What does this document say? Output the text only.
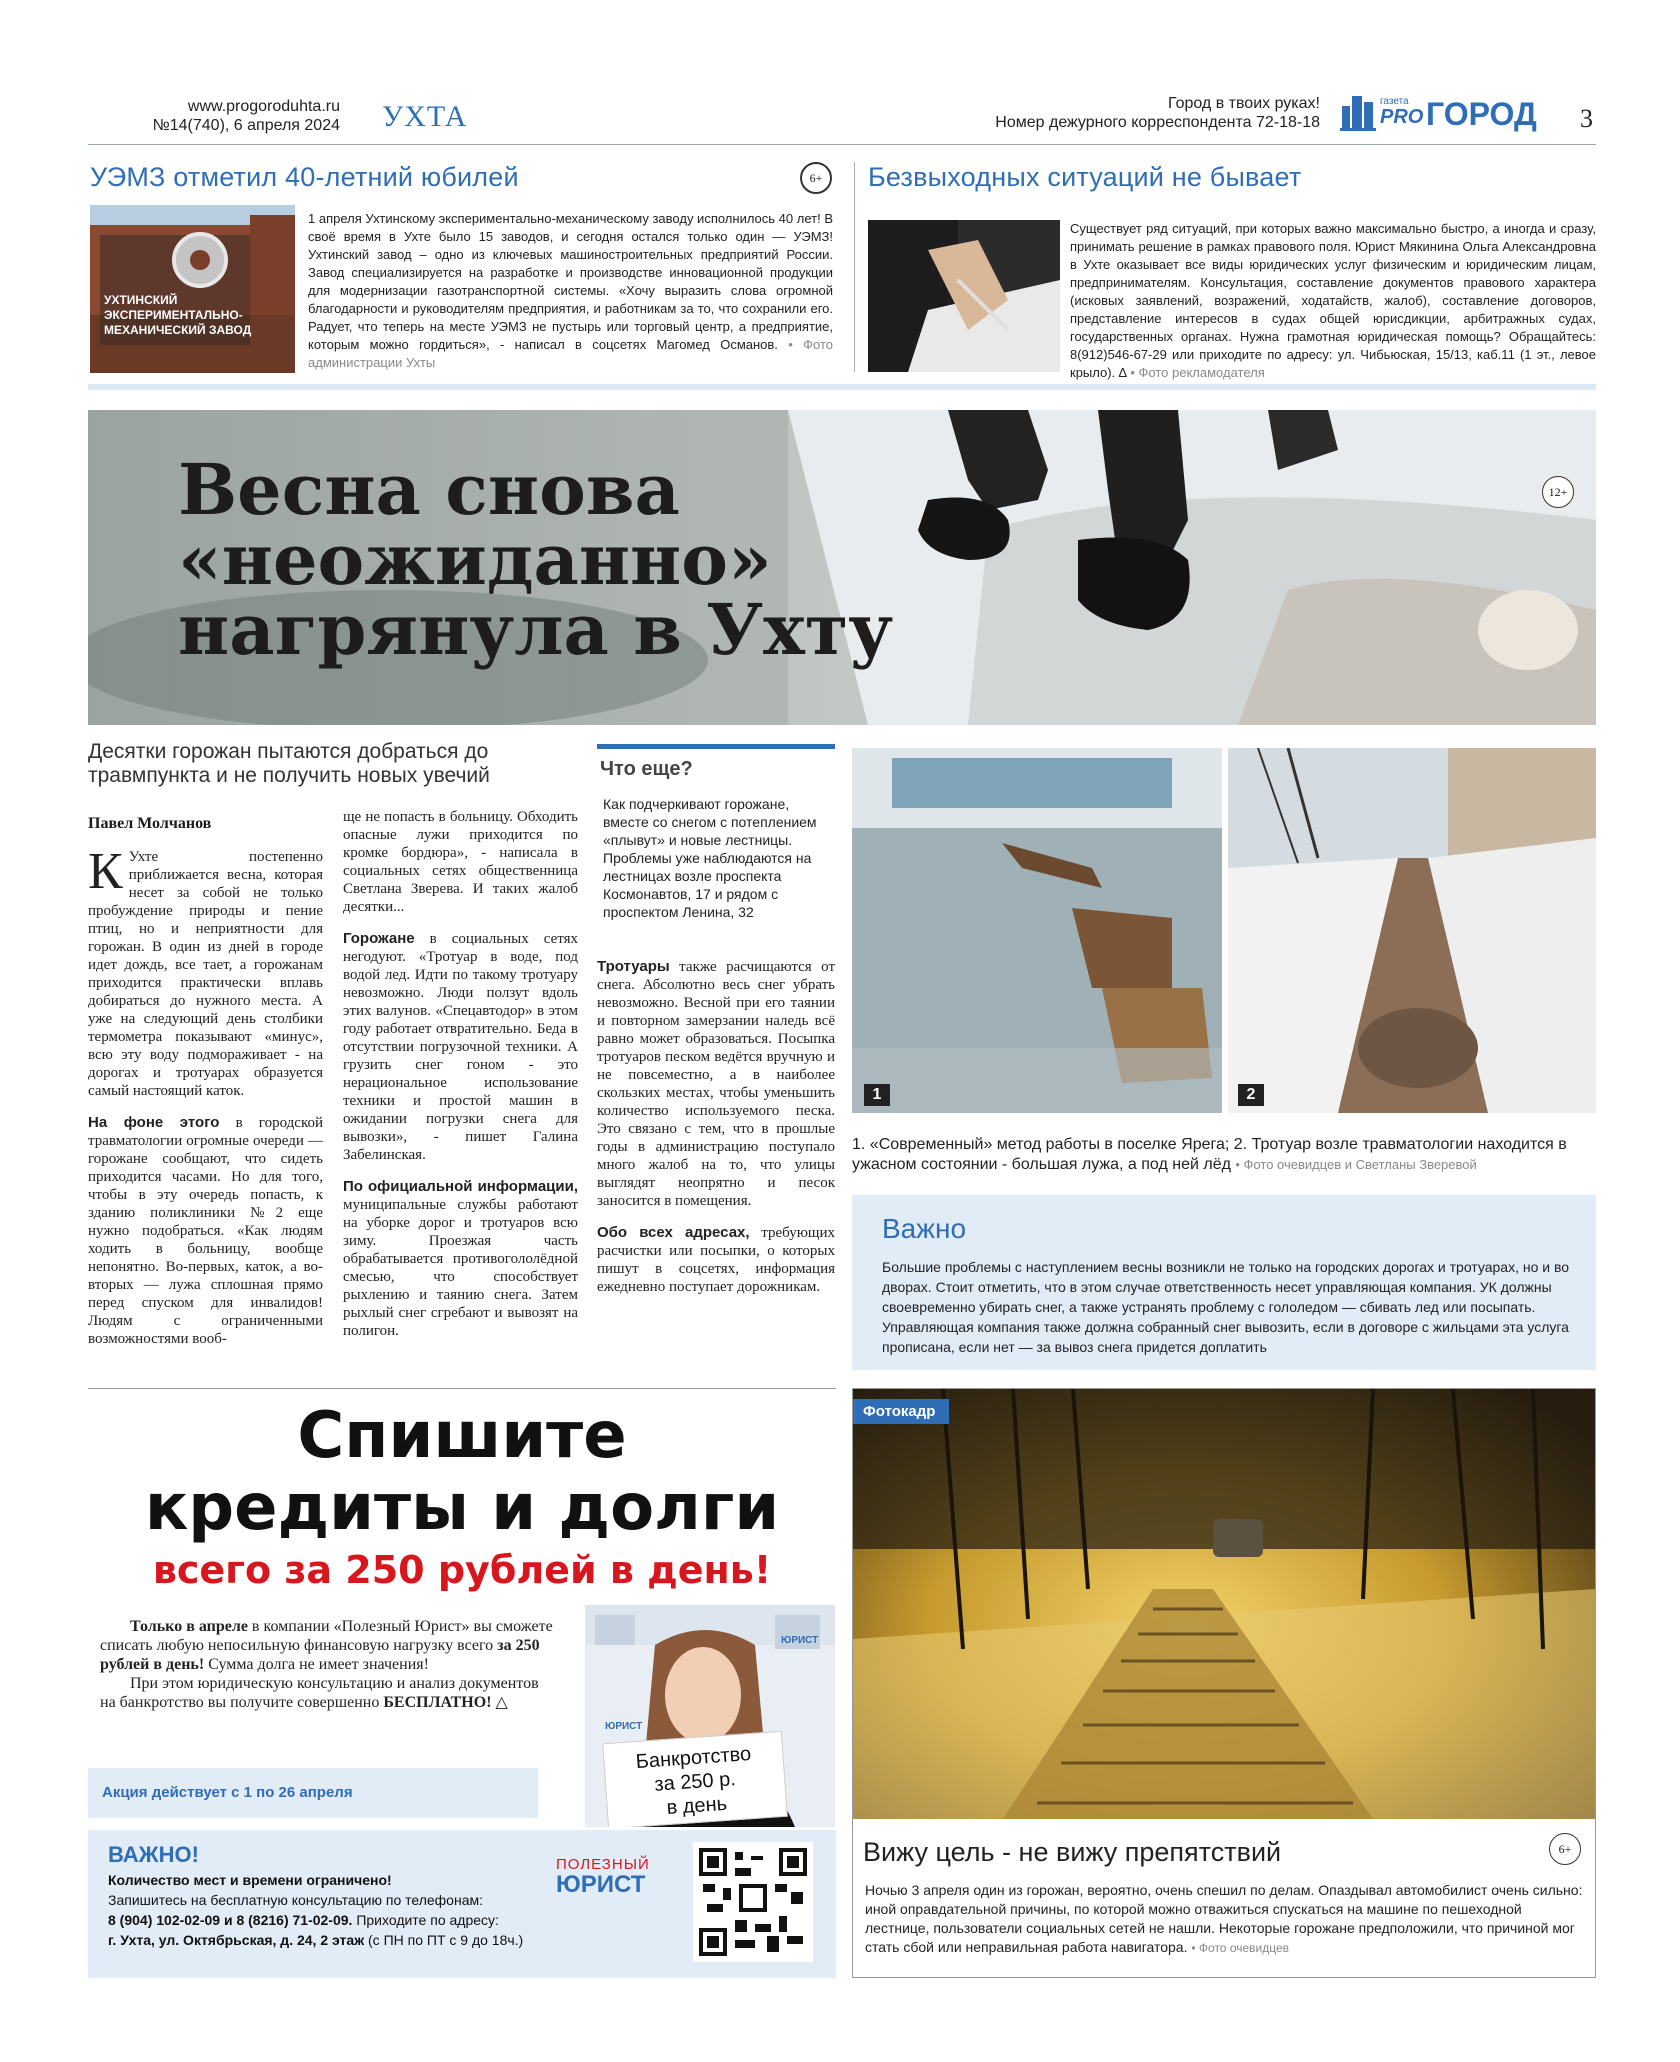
www.progoroduhta.ru
№14(740), 6 апреля 2024 УХТА	Город в твоих руках!
Номер дежурного корреспондента 72-18-18
газета
PRO ГОРОД 3
УЭМЗ отметил 40-летний юбилей	6+
УХТИНСКИЙ ЭКСПЕРИМЕНТАЛЬНО-МЕХАНИЧЕСКИЙ ЗАВОД
1 апреля Ухтинскому экспериментально-механическому заводу исполнилось 40 лет! В своё время в Ухте было 15 заводов, и сегодня остался только один — УЭМЗ! Ухтинский завод – одно из ключевых машиностроительных предприятий России. Завод специализируется на разработке и производстве инновационной продукции для модернизации газотранспортной системы. «Хочу выразить слова огромной благодарности и руководителям предприятия, и работникам за то, что сохранили его. Радует, что теперь на месте УЭМЗ не пустырь или торговый центр, а предприятие, которым можно гордиться», - написал в соцсетях Магомед Османов. • Фото администрации Ухты
Безвыходных ситуаций не бывает
Существует ряд ситуаций, при которых важно максимально быстро, а иногда и сразу, принимать решение в рамках правового поля. Юрист Мякинина Ольга Александровна в Ухте оказывает все виды юридических услуг физическим и юридическим лицам, предпринимателям. Консультация, составление документов правового характера (исковых заявлений, возражений, ходатайств, жалоб), составление договоров, представление интересов в судах общей юрисдикции, арбитражных судах, государственных органах. Нужна грамотная юридическая помощь? Обращайтесь: 8(912)546-67-29 или приходите по адресу: ул. Чибьюская, 15/13, каб.11 (1 эт., левое крыло). ∆ • Фото рекламодателя
Весна снова
«неожиданно»
нагрянула в Ухту
12+
Десятки горожан пытаются добраться до травмпункта и не получить новых увечий
Павел Молчанов
К Ухте постепенно приближается весна, которая несет за собой не только пробуждение природы и пение птиц, но и неприятности для горожан. В один из дней в городе идет дождь, все тает, а горожанам приходится практически вплавь добираться до нужного места. А уже на следующий день столбики термометра показывают «минус», всю эту воду подмораживает - на дорогах и тротуарах образуется самый настоящий каток.
На фоне этого в городской травматологии огромные очереди — горожане сообщают, что сидеть приходится часами. Но для того, чтобы в эту очередь попасть, к зданию поликлиники №2 еще нужно подобраться. «Как людям ходить в больницу, вообще непонятно. Во-первых, каток, а во-вторых — лужа сплошная прямо перед спуском для инвалидов! Людям с ограниченными возможностями вооб-
ще не попасть в больницу. Обходить опасные лужи приходится по кромке бордюра», - написала в социальных сетях общественница Светлана Зверева. И таких жалоб десятки...
Горожане в социальных сетях негодуют. «Тротуар в воде, под водой лед. Идти по такому тротуару невозможно. Люди ползут вдоль этих валунов. «Спецавтодор» в этом году работает отвратительно. Беда в отсутствии погрузочной техники. А грузить снег гоном - это нерациональное использование техники и простой машин в ожидании погрузки снега для вывозки», - пишет Галина Забелинская.
По официальной информации, муниципальные службы работают на уборке дорог и тротуаров всю зиму. Проезжая часть обрабатывается противогололёдной смесью, что способствует рыхлению и таянию снега. Затем рыхлый снег сгребают и вывозят на полигон.
Что еще?
Как подчеркивают горожане, вместе со снегом с потеплением «плывут» и новые лестницы. Проблемы уже наблюдаются на лестницах возле проспекта Космонавтов, 17 и рядом с проспектом Ленина, 32
Тротуары также расчищаются от снега. Абсолютно весь снег убрать невозможно. Весной при его таянии и повторном замерзании наледь всё равно может образоваться. Посыпка тротуаров песком ведётся вручную и не повсеместно, а в наиболее скользких местах, чтобы уменьшить количество используемого песка. Это связано с тем, что в прошлые годы в администрацию поступало много жалоб на то, что улицы выглядят неопрятно и песок заносится в помещения.
Обо всех адресах, требующих расчистки или посыпки, о которых пишут в соцсетях, информация ежедневно поступает дорожникам.
1	2
1. «Современный» метод работы в поселке Ярега; 2. Тротуар возле травматологии находится в ужасном состоянии - большая лужа, а под ней лёд • Фото очевидцев и Светланы Зверевой
Важно
Большие проблемы с наступлением весны возникли не только на городских дорогах и тротуарах, но и во дворах. Стоит отметить, что в этом случае ответственность несет управляющая компания. УК должны своевременно убирать снег, а также устранять проблему с гололедом — сбивать лед или посыпать. Управляющая компания также должна собранный снег вывозить, если в договоре с жильцами эта услуга прописана, если нет — за вывоз снега придется доплатить
Спишите
кредиты и долги
всего за 250 рублей в день!
Только в апреле в компании «Полезный Юрист» вы сможете списать любую непосильную финансовую нагрузку всего за 250 рублей в день! Сумма долга не имеет значения!
При этом юридическую консультацию и анализ документов на банкротство вы получите совершенно БЕСПЛАТНО! △
Акция действует с 1 по 26 апреля
ЮРИСТ
ЮРИСТ
Банкротство
за 250 р.
в день
ВАЖНО!
Количество мест и времени ограничено!
Запишитесь на бесплатную консультацию по телефонам:
8 (904) 102-02-09 и 8 (8216) 71-02-09. Приходите по адресу:
г. Ухта, ул. Октябрьская, д. 24, 2 этаж (с ПН по ПТ с 9 до 18ч.)
ПОЛЕЗНЫЙ
ЮРИСТ
Фотокадр
Вижу цель - не вижу препятствий	6+
Ночью 3 апреля один из горожан, вероятно, очень спешил по делам. Опаздывал автомобилист очень сильно: иной оправдательной причины, по которой можно отважиться спускаться на машине по пешеходной лестнице, пользователи социальных сетей не нашли. Некоторые горожане предположили, что причиной мог стать сбой или неправильная работа навигатора. • Фото очевидцев
